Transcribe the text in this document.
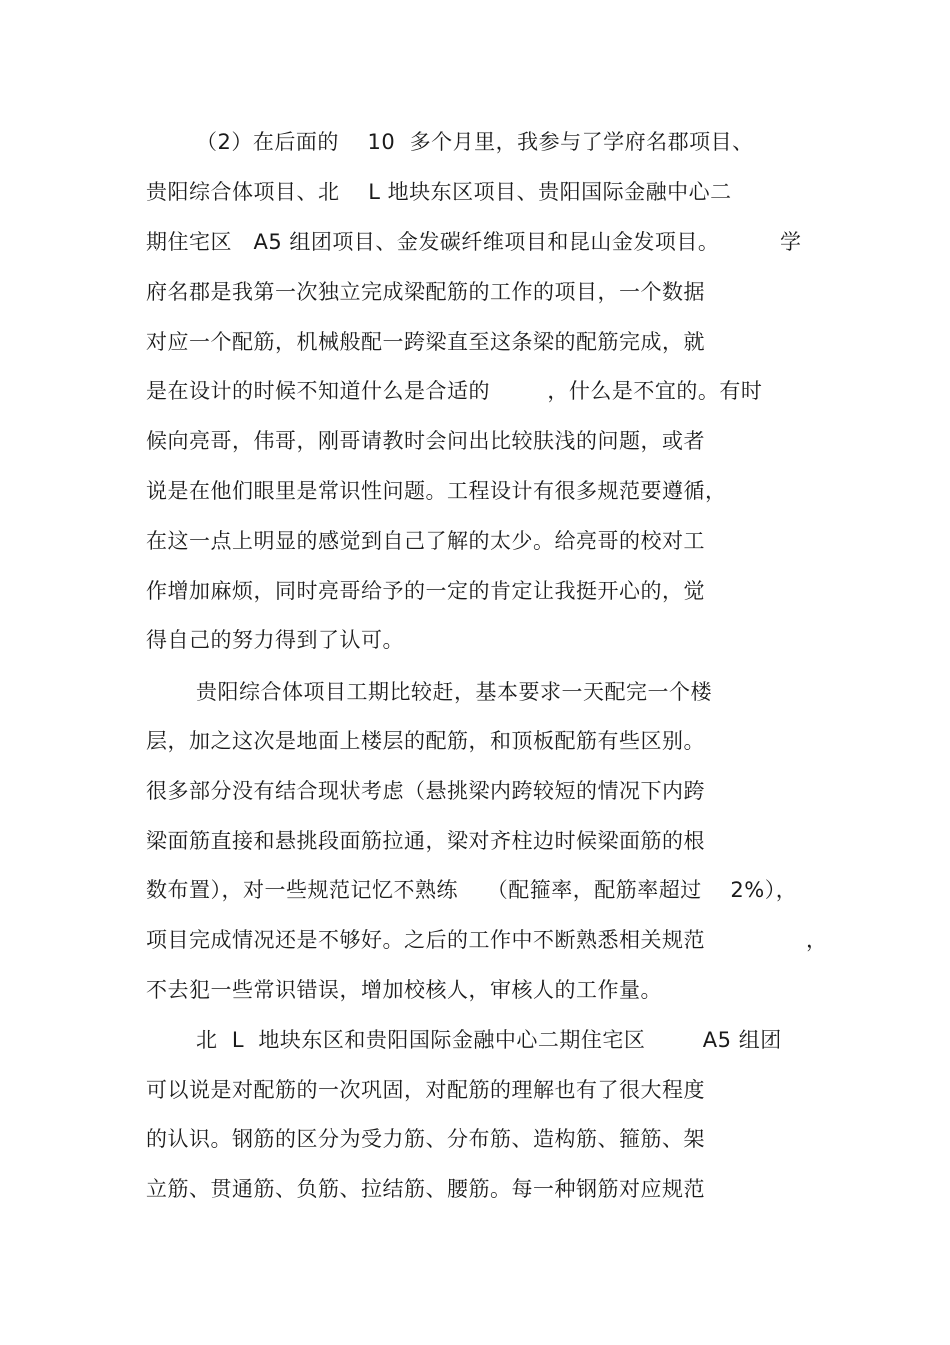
（2）在后面的    10  多个月里，我参与了学府名郡项目、
贵阳综合体项目、北    L 地块东区项目、贵阳国际金融中心二
期住宅区   A5 组团项目、金发碳纤维项目和昆山金发项目。	学
府名郡是我第一次独立完成梁配筋的工作的项目，一个数据
对应一个配筋，机械般配一跨梁直至这条梁的配筋完成，就
是在设计的时候不知道什么是合适的        ，什么是不宜的。有时
候向亮哥，伟哥，刚哥请教时会问出比较肤浅的问题，或者
说是在他们眼里是常识性问题。工程设计有很多规范要遵循，
在这一点上明显的感觉到自己了解的太少。给亮哥的校对工
作增加麻烦，同时亮哥给予的一定的肯定让我挺开心的，觉
得自己的努力得到了认可。
贵阳综合体项目工期比较赶，基本要求一天配完一个楼
层，加之这次是地面上楼层的配筋，和顶板配筋有些区别。
很多部分没有结合现状考虑（悬挑梁内跨较短的情况下内跨
梁面筋直接和悬挑段面筋拉通，梁对齐柱边时候梁面筋的根
数布置），对一些规范记忆不熟练    （配箍率，配筋率超过    2%），
项目完成情况还是不够好。之后的工作中不断熟悉相关规范	，
不去犯一些常识错误，增加校核人，审核人的工作量。
北  L  地块东区和贵阳国际金融中心二期住宅区        A5 组团
可以说是对配筋的一次巩固，对配筋的理解也有了很大程度
的认识。钢筋的区分为受力筋、分布筋、造构筋、箍筋、架
立筋、贯通筋、负筋、拉结筋、腰筋。每一种钢筋对应规范
